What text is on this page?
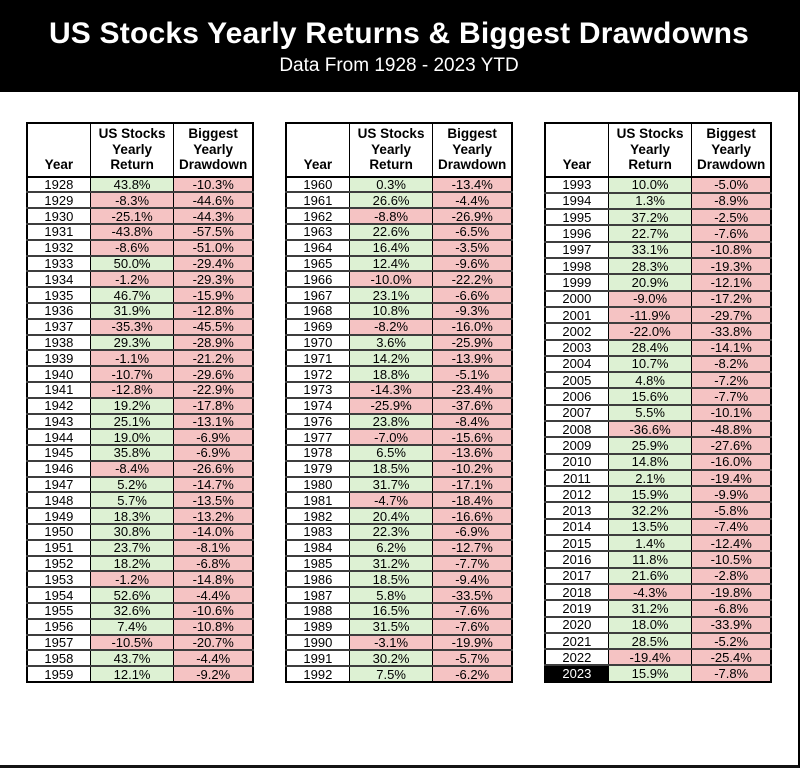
US Stocks Yearly Returns & Biggest Drawdowns

Data From 1928 - 2023 YTD

Year	US Stocks Yearly Return	Biggest Yearly Drawdown
1928	43.8%	-10.3%
1929	-8.3%	-44.6%
1930	-25.1%	-44.3%
1931	-43.8%	-57.5%
1932	-8.6%	-51.0%
1933	50.0%	-29.4%
1934	-1.2%	-29.3%
1935	46.7%	-15.9%
1936	31.9%	-12.8%
1937	-35.3%	-45.5%
1938	29.3%	-28.9%
1939	-1.1%	-21.2%
1940	-10.7%	-29.6%
1941	-12.8%	-22.9%
1942	19.2%	-17.8%
1943	25.1%	-13.1%
1944	19.0%	-6.9%
1945	35.8%	-6.9%
1946	-8.4%	-26.6%
1947	5.2%	-14.7%
1948	5.7%	-13.5%
1949	18.3%	-13.2%
1950	30.8%	-14.0%
1951	23.7%	-8.1%
1952	18.2%	-6.8%
1953	-1.2%	-14.8%
1954	52.6%	-4.4%
1955	32.6%	-10.6%
1956	7.4%	-10.8%
1957	-10.5%	-20.7%
1958	43.7%	-4.4%
1959	12.1%	-9.2%
Year	US Stocks Yearly Return	Biggest Yearly Drawdown
1960	0.3%	-13.4%
1961	26.6%	-4.4%
1962	-8.8%	-26.9%
1963	22.6%	-6.5%
1964	16.4%	-3.5%
1965	12.4%	-9.6%
1966	-10.0%	-22.2%
1967	23.1%	-6.6%
1968	10.8%	-9.3%
1969	-8.2%	-16.0%
1970	3.6%	-25.9%
1971	14.2%	-13.9%
1972	18.8%	-5.1%
1973	-14.3%	-23.4%
1974	-25.9%	-37.6%
1976	23.8%	-8.4%
1977	-7.0%	-15.6%
1978	6.5%	-13.6%
1979	18.5%	-10.2%
1980	31.7%	-17.1%
1981	-4.7%	-18.4%
1982	20.4%	-16.6%
1983	22.3%	-6.9%
1984	6.2%	-12.7%
1985	31.2%	-7.7%
1986	18.5%	-9.4%
1987	5.8%	-33.5%
1988	16.5%	-7.6%
1989	31.5%	-7.6%
1990	-3.1%	-19.9%
1991	30.2%	-5.7%
1992	7.5%	-6.2%
Year	US Stocks Yearly Return	Biggest Yearly Drawdown
1993	10.0%	-5.0%
1994	1.3%	-8.9%
1995	37.2%	-2.5%
1996	22.7%	-7.6%
1997	33.1%	-10.8%
1998	28.3%	-19.3%
1999	20.9%	-12.1%
2000	-9.0%	-17.2%
2001	-11.9%	-29.7%
2002	-22.0%	-33.8%
2003	28.4%	-14.1%
2004	10.7%	-8.2%
2005	4.8%	-7.2%
2006	15.6%	-7.7%
2007	5.5%	-10.1%
2008	-36.6%	-48.8%
2009	25.9%	-27.6%
2010	14.8%	-16.0%
2011	2.1%	-19.4%
2012	15.9%	-9.9%
2013	32.2%	-5.8%
2014	13.5%	-7.4%
2015	1.4%	-12.4%
2016	11.8%	-10.5%
2017	21.6%	-2.8%
2018	-4.3%	-19.8%
2019	31.2%	-6.8%
2020	18.0%	-33.9%
2021	28.5%	-5.2%
2022	-19.4%	-25.4%
2023	15.9%	-7.8%
